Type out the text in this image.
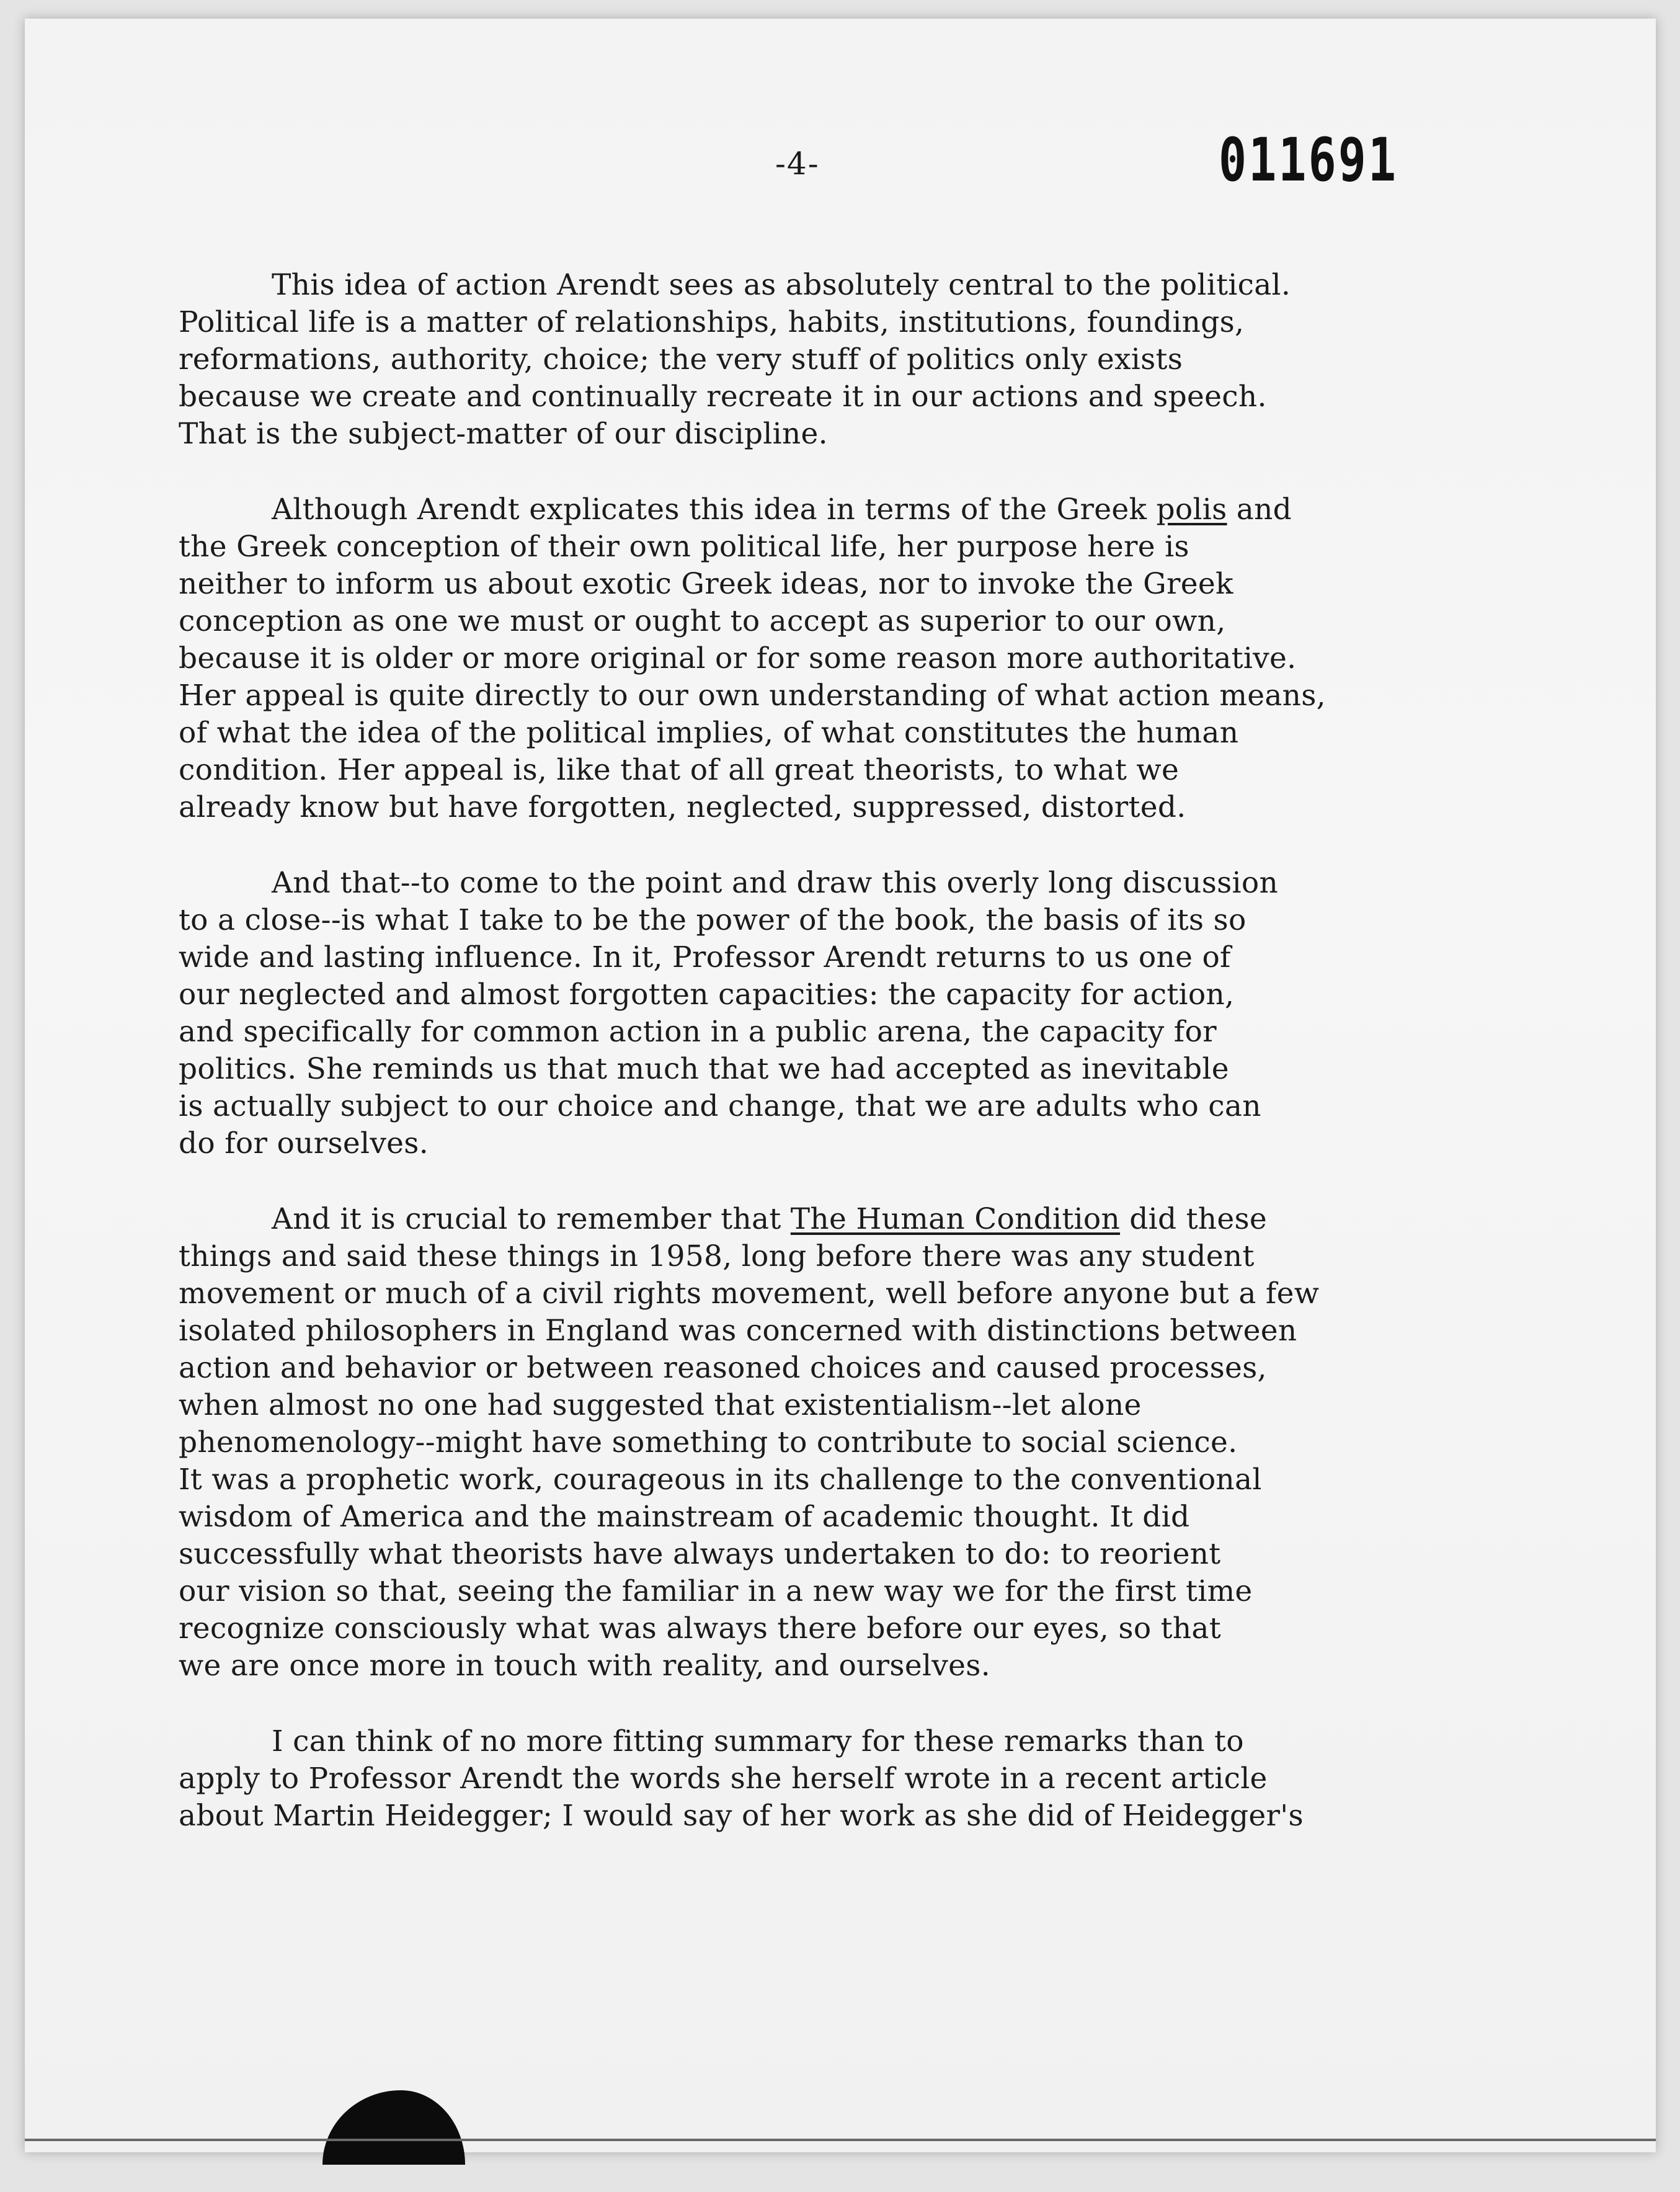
-4-	011691

This idea of action Arendt sees as absolutely central to the political.
Political life is a matter of relationships, habits, institutions, foundings,
reformations, authority, choice; the very stuff of politics only exists
because we create and continually recreate it in our actions and speech.
That is the subject-matter of our discipline.

Although Arendt explicates this idea in terms of the Greek polis and
the Greek conception of their own political life, her purpose here is
neither to inform us about exotic Greek ideas, nor to invoke the Greek
conception as one we must or ought to accept as superior to our own,
because it is older or more original or for some reason more authoritative.
Her appeal is quite directly to our own understanding of what action means,
of what the idea of the political implies, of what constitutes the human
condition. Her appeal is, like that of all great theorists, to what we
already know but have forgotten, neglected, suppressed, distorted.

And that--to come to the point and draw this overly long discussion
to a close--is what I take to be the power of the book, the basis of its so
wide and lasting influence. In it, Professor Arendt returns to us one of
our neglected and almost forgotten capacities: the capacity for action,
and specifically for common action in a public arena, the capacity for
politics. She reminds us that much that we had accepted as inevitable
is actually subject to our choice and change, that we are adults who can
do for ourselves.

And it is crucial to remember that The Human Condition did these
things and said these things in 1958, long before there was any student
movement or much of a civil rights movement, well before anyone but a few
isolated philosophers in England was concerned with distinctions between
action and behavior or between reasoned choices and caused processes,
when almost no one had suggested that existentialism--let alone
phenomenology--might have something to contribute to social science.
It was a prophetic work, courageous in its challenge to the conventional
wisdom of America and the mainstream of academic thought. It did
successfully what theorists have always undertaken to do: to reorient
our vision so that, seeing the familiar in a new way we for the first time
recognize consciously what was always there before our eyes, so that
we are once more in touch with reality, and ourselves.

I can think of no more fitting summary for these remarks than to
apply to Professor Arendt the words she herself wrote in a recent article
about Martin Heidegger; I would say of her work as she did of Heidegger's
